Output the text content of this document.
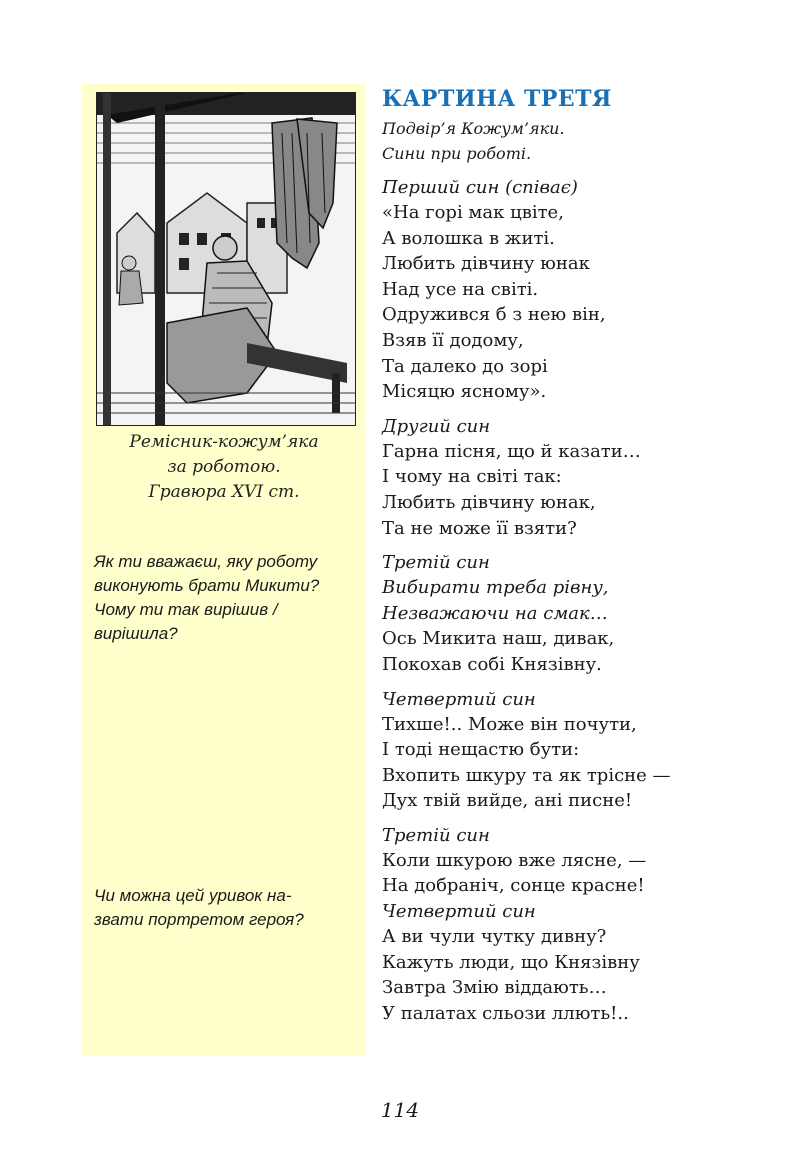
Ремісник-кожум’яка
за роботою.
Гравюра XVI ст.
Як ти вважаєш, яку роботу
виконують брати Микити?
Чому ти так вирішив /
вирішила?
Чи можна цей уривок на-
звати портретом героя?
КАРТИНА ТРЕТЯ
Подвір’я Кожум’яки.
Сини при роботі.
Перший син (співає)
«На горі мак цвіте,
А волошка в житі.
Любить дівчину юнак
Над усе на світі.
Одружився б з нею він,
Взяв її додому,
Та далеко до зорі
Місяцю ясному».
Другий син
Гарна пісня, що й казати…
І чому на світі так:
Любить дівчину юнак,
Та не може її взяти?
Третій син
Вибирати треба рівну,
Незважаючи на смак…
Ось Микита наш, дивак,
Покохав собі Князівну.
Четвертий син
Тихше!.. Може він почути,
І тоді нещастю бути:
Вхопить шкуру та як трісне —
Дух твій вийде, ані писне!
Третій син
Коли шкурою вже лясне, —
На добраніч, сонце красне!
Четвертий син
А ви чули чутку дивну?
Кажуть люди, що Князівну
Завтра Змію віддають…
У палатах сльози ллють!..
114
